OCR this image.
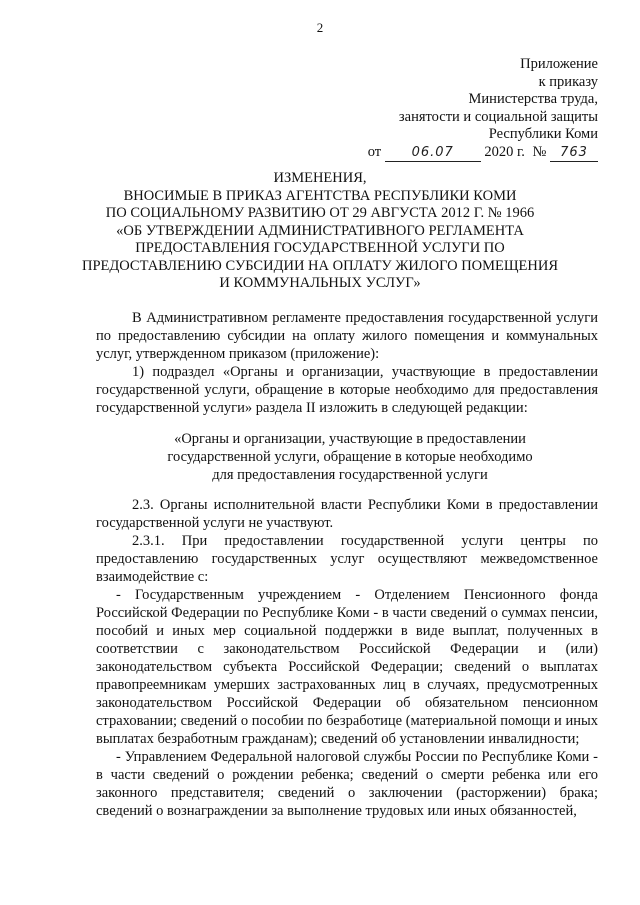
2
Приложение
к приказу
Министерства труда,
занятости и социальной защиты
Республики Коми
от 06.07 2020 г. № 763
ИЗМЕНЕНИЯ,
ВНОСИМЫЕ В ПРИКАЗ АГЕНТСТВА РЕСПУБЛИКИ КОМИ
ПО СОЦИАЛЬНОМУ РАЗВИТИЮ ОТ 29 АВГУСТА 2012 Г. № 1966
«ОБ УТВЕРЖДЕНИИ АДМИНИСТРАТИВНОГО РЕГЛАМЕНТА
ПРЕДОСТАВЛЕНИЯ ГОСУДАРСТВЕННОЙ УСЛУГИ ПО
ПРЕДОСТАВЛЕНИЮ СУБСИДИИ НА ОПЛАТУ ЖИЛОГО ПОМЕЩЕНИЯ
И КОММУНАЛЬНЫХ УСЛУГ»
В Административном регламенте предоставления государственной услуги по предоставлению субсидии на оплату жилого помещения и коммунальных услуг, утвержденном приказом (приложение):
1) подраздел «Органы и организации, участвующие в предоставлении государственной услуги, обращение в которые необходимо для предоставления государственной услуги» раздела II изложить в следующей редакции:
«Органы и организации, участвующие в предоставлении
государственной услуги, обращение в которые необходимо
для предоставления государственной услуги
2.3. Органы исполнительной власти Республики Коми в предоставлении государственной услуги не участвуют.
2.3.1. При предоставлении государственной услуги центры по предоставлению государственных услуг осуществляют межведомственное взаимодействие с:
- Государственным учреждением - Отделением Пенсионного фонда Российской Федерации по Республике Коми - в части сведений о суммах пенсии, пособий и иных мер социальной поддержки в виде выплат, полученных в соответствии с законодательством Российской Федерации и (или) законодательством субъекта Российской Федерации; сведений о выплатах правопреемникам умерших застрахованных лиц в случаях, предусмотренных законодательством Российской Федерации об обязательном пенсионном страховании; сведений о пособии по безработице (материальной помощи и иных выплатах безработным гражданам); сведений об установлении инвалидности;
- Управлением Федеральной налоговой службы России по Республике Коми - в части сведений о рождении ребенка; сведений о смерти ребенка или его законного представителя; сведений о заключении (расторжении) брака; сведений о вознаграждении за выполнение трудовых или иных обязанностей,
